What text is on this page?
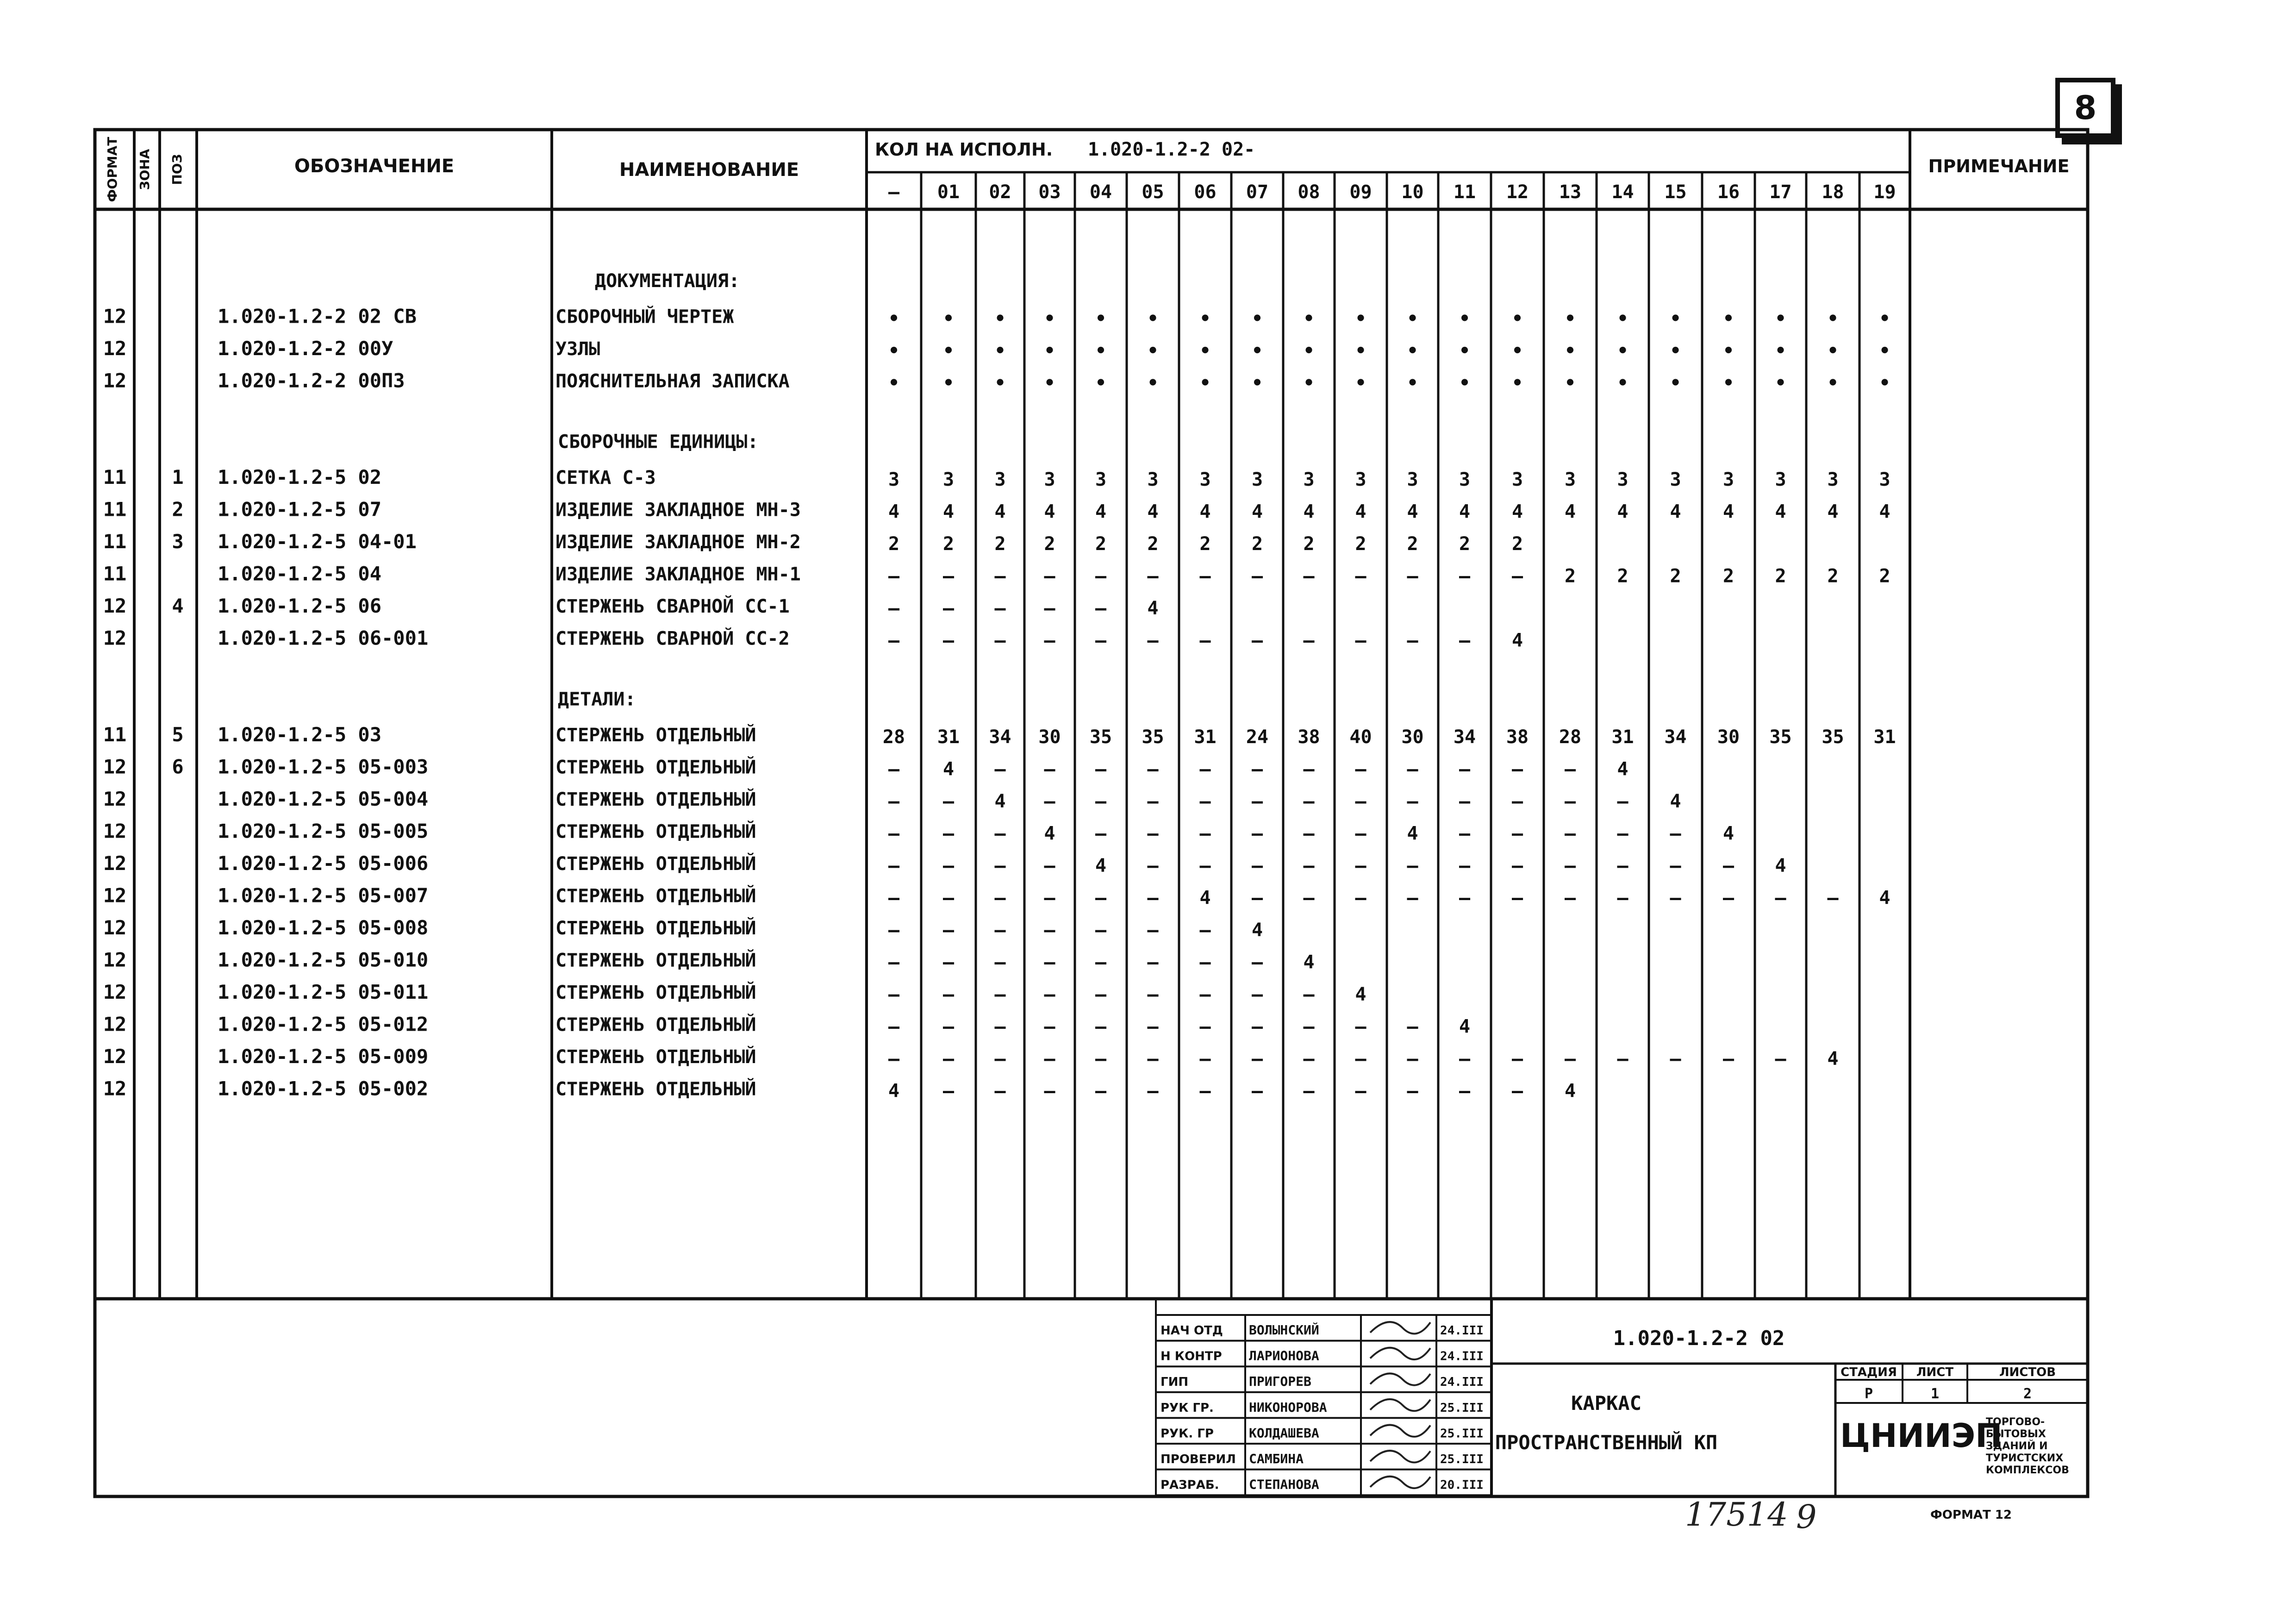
8
ФОРМАТ ЗОНА ПОЗ	ОБОЗНАЧЕНИЕ	НАИМЕНОВАНИЕ
КОЛ НА ИСПОЛН. 1.020-1.2-2 02-
ПРИМЕЧАНИЕ
– 01 02 03 04 05 06 07 08 09 10 11 12 13 14 15 16 17 18 19
ДОКУМЕНТАЦИЯ:
12	1.020-1.2-2 02 СВ	СБОРОЧНЫЙ ЧЕРТЕЖ	• • • • • • • • • • • • • • • • • • • •
12	1.020-1.2-2 00У	УЗЛЫ	• • • • • • • • • • • • • • • • • • • •
12	1.020-1.2-2 00ПЗ	ПОЯСНИТЕЛЬНАЯ ЗАПИСКА	• • • • • • • • • • • • • • • • • • • •
СБОРОЧНЫЕ ЕДИНИЦЫ:
11 1 1.020-1.2-5 02	СЕТКА С-3	3 3 3 3 3 3 3 3 3 3 3 3 3 3 3 3 3 3 3 3
11 2 1.020-1.2-5 07	ИЗДЕЛИЕ ЗАКЛАДНОЕ МН-3	4 4 4 4 4 4 4 4 4 4 4 4 4 4 4 4 4 4 4 4
11 3 1.020-1.2-5 04-01	ИЗДЕЛИЕ ЗАКЛАДНОЕ МН-2	2 2 2 2 2 2 2 2 2 2 2 2 2
11	1.020-1.2-5 04	ИЗДЕЛИЕ ЗАКЛАДНОЕ МН-1	– – – – – – – – – – – – – 2 2 2 2 2 2 2
12 4 1.020-1.2-5 06	СТЕРЖЕНЬ СВАРНОЙ СС-1	– – – – – 4
12	1.020-1.2-5 06-001	СТЕРЖЕНЬ СВАРНОЙ СС-2	– – – – – – – – – – – – 4
ДЕТАЛИ:
11 5 1.020-1.2-5 03	СТЕРЖЕНЬ ОТДЕЛЬНЫЙ	28 31 34 30 35 35 31 24 38 40 30 34 38 28 31 34 30 35 35 31
12 6 1.020-1.2-5 05-003	СТЕРЖЕНЬ ОТДЕЛЬНЫЙ	– 4 – – – – – – – – – – – – 4
12	1.020-1.2-5 05-004	СТЕРЖЕНЬ ОТДЕЛЬНЫЙ	– – 4 – – – – – – – – – – – – 4
12	1.020-1.2-5 05-005	СТЕРЖЕНЬ ОТДЕЛЬНЫЙ	– – – 4 – – – – – – 4 – – – – – 4
12	1.020-1.2-5 05-006	СТЕРЖЕНЬ ОТДЕЛЬНЫЙ	– – – – 4 – – – – – – – – – – – – 4
12	1.020-1.2-5 05-007	СТЕРЖЕНЬ ОТДЕЛЬНЫЙ	– – – – – – 4 – – – – – – – – – – – – 4
12	1.020-1.2-5 05-008	СТЕРЖЕНЬ ОТДЕЛЬНЫЙ	– – – – – – – 4
12	1.020-1.2-5 05-010	СТЕРЖЕНЬ ОТДЕЛЬНЫЙ	– – – – – – – – 4
12	1.020-1.2-5 05-011	СТЕРЖЕНЬ ОТДЕЛЬНЫЙ	– – – – – – – – – 4
12	1.020-1.2-5 05-012	СТЕРЖЕНЬ ОТДЕЛЬНЫЙ	– – – – – – – – – – – 4
12	1.020-1.2-5 05-009	СТЕРЖЕНЬ ОТДЕЛЬНЫЙ	– – – – – – – – – – – – – – – – – – 4
12	1.020-1.2-5 05-002	СТЕРЖЕНЬ ОТДЕЛЬНЫЙ	4 – – – – – – – – – – – – 4
НАЧ ОТД ВОЛЫНСКИЙ	24.III
Н КОНТР ЛАРИОНОВА	24.III
ГИП	ПРИГОРЕВ	24.III
РУК ГР.	НИКОНОРОВА	25.III
РУК. ГР	КОЛДАШЕВА	25.III
ПРОВЕРИЛ САМБИНА	25.III
РАЗРАБ. СТЕПАНОВА	20.III
1.020-1.2-2 02
КАРКАС
ПРОСТРАНСТВЕННЫЙ КП
СТАДИЯ ЛИСТ	ЛИСТОВ
Р	1	2
ЦНИИЭП
ТОРГОВО-
БЫТОВЫХ
ЗДАНИЙ И
ТУРИСТСКИХ
КОМПЛЕКСОВ
17514 9	ФОРМАТ 12
